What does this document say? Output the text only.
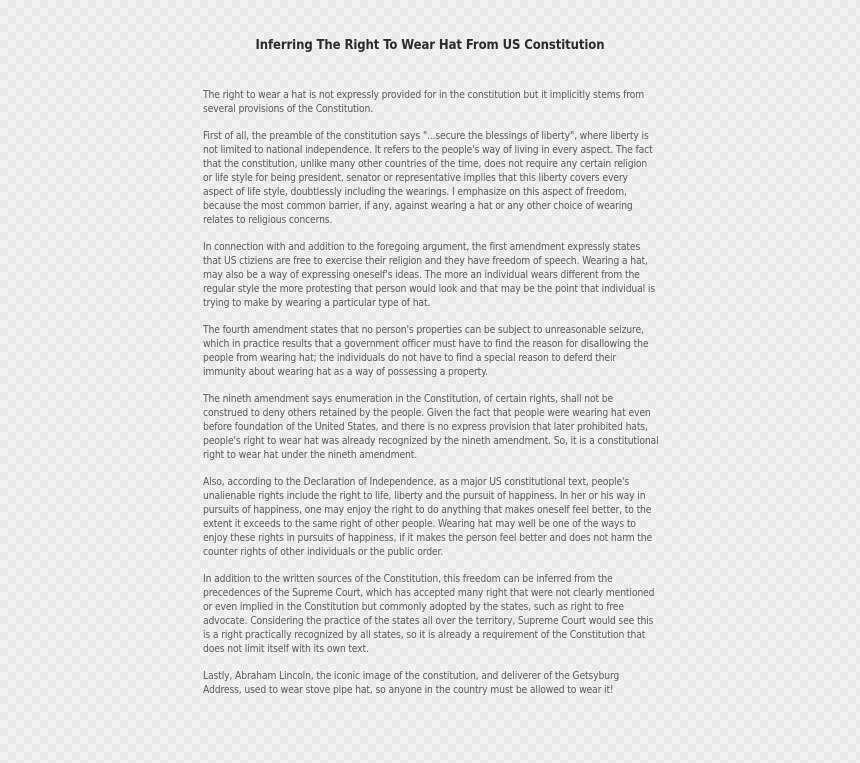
Inferring The Right To Wear Hat From US Constitution

The right to wear a hat is not expressly provided for in the constitution but it implicitly stems from several provisions of the Constitution.

First of all, the preamble of the constitution says "...secure the blessings of liberty", where liberty is not limited to national independence. It refers to the people's way of living in every aspect. The fact that the constitution, unlike many other countries of the time, does not require any certain religion or life style for being president, senator or representative implies that this liberty covers every aspect of life style, doubtlessly including the wearings. I emphasize on this aspect of freedom, because the most common barrier, if any, against wearing a hat or any other choice of wearing relates to religious concerns.

In connection with and addition to the foregoing argument, the first amendment expressly states that US ctiziens are free to exercise their religion and they have freedom of speech. Wearing a hat, may also be a way of expressing oneself's ideas. The more an individual wears different from the regular style the more protesting that person would look and that may be the point that individual is trying to make by wearing a particular type of hat.

The fourth amendment states that no person's properties can be subject to unreasonable seizure, which in practice results that a government officer must have to find the reason for disallowing the people from wearing hat; the individuals do not have to find a special reason to deferd their immunity about wearing hat as a way of possessing a property.

The nineth amendment says enumeration in the Constitution, of certain rights, shall not be construed to deny others retained by the people. Given the fact that people were wearing hat even before foundation of the United States, and there is no express provision that later prohibited hats, people's right to wear hat was already recognized by the nineth amendment. So, it is a constitutional right to wear hat under the nineth amendment.

Also, according to the Declaration of Independence, as a major US constitutional text, people's unalienable rights include the right to life, liberty and the pursuit of happiness. In her or his way in pursuits of happiness, one may enjoy the right to do anything that makes oneself feel better, to the extent it exceeds to the same right of other people. Wearing hat may well be one of the ways to enjoy these rights in pursuits of happiness, if it makes the person feel better and does not harm the counter rights of other individuals or the public order.

In addition to the written sources of the Constitution, this freedom can be inferred from the precedences of the Supreme Court, which has accepted many right that were not clearly mentioned or even implied in the Constitution but commonly adopted by the states, such as right to free advocate. Considering the practice of the states all over the territory, Supreme Court would see this is a right practically recognized by all states, so it is already a requirement of the Constitution that does not limit itself with its own text.

Lastly, Abraham Lincoln, the iconic image of the constitution, and deliverer of the Getsyburg Address, used to wear stove pipe hat, so anyone in the country must be allowed to wear it!
